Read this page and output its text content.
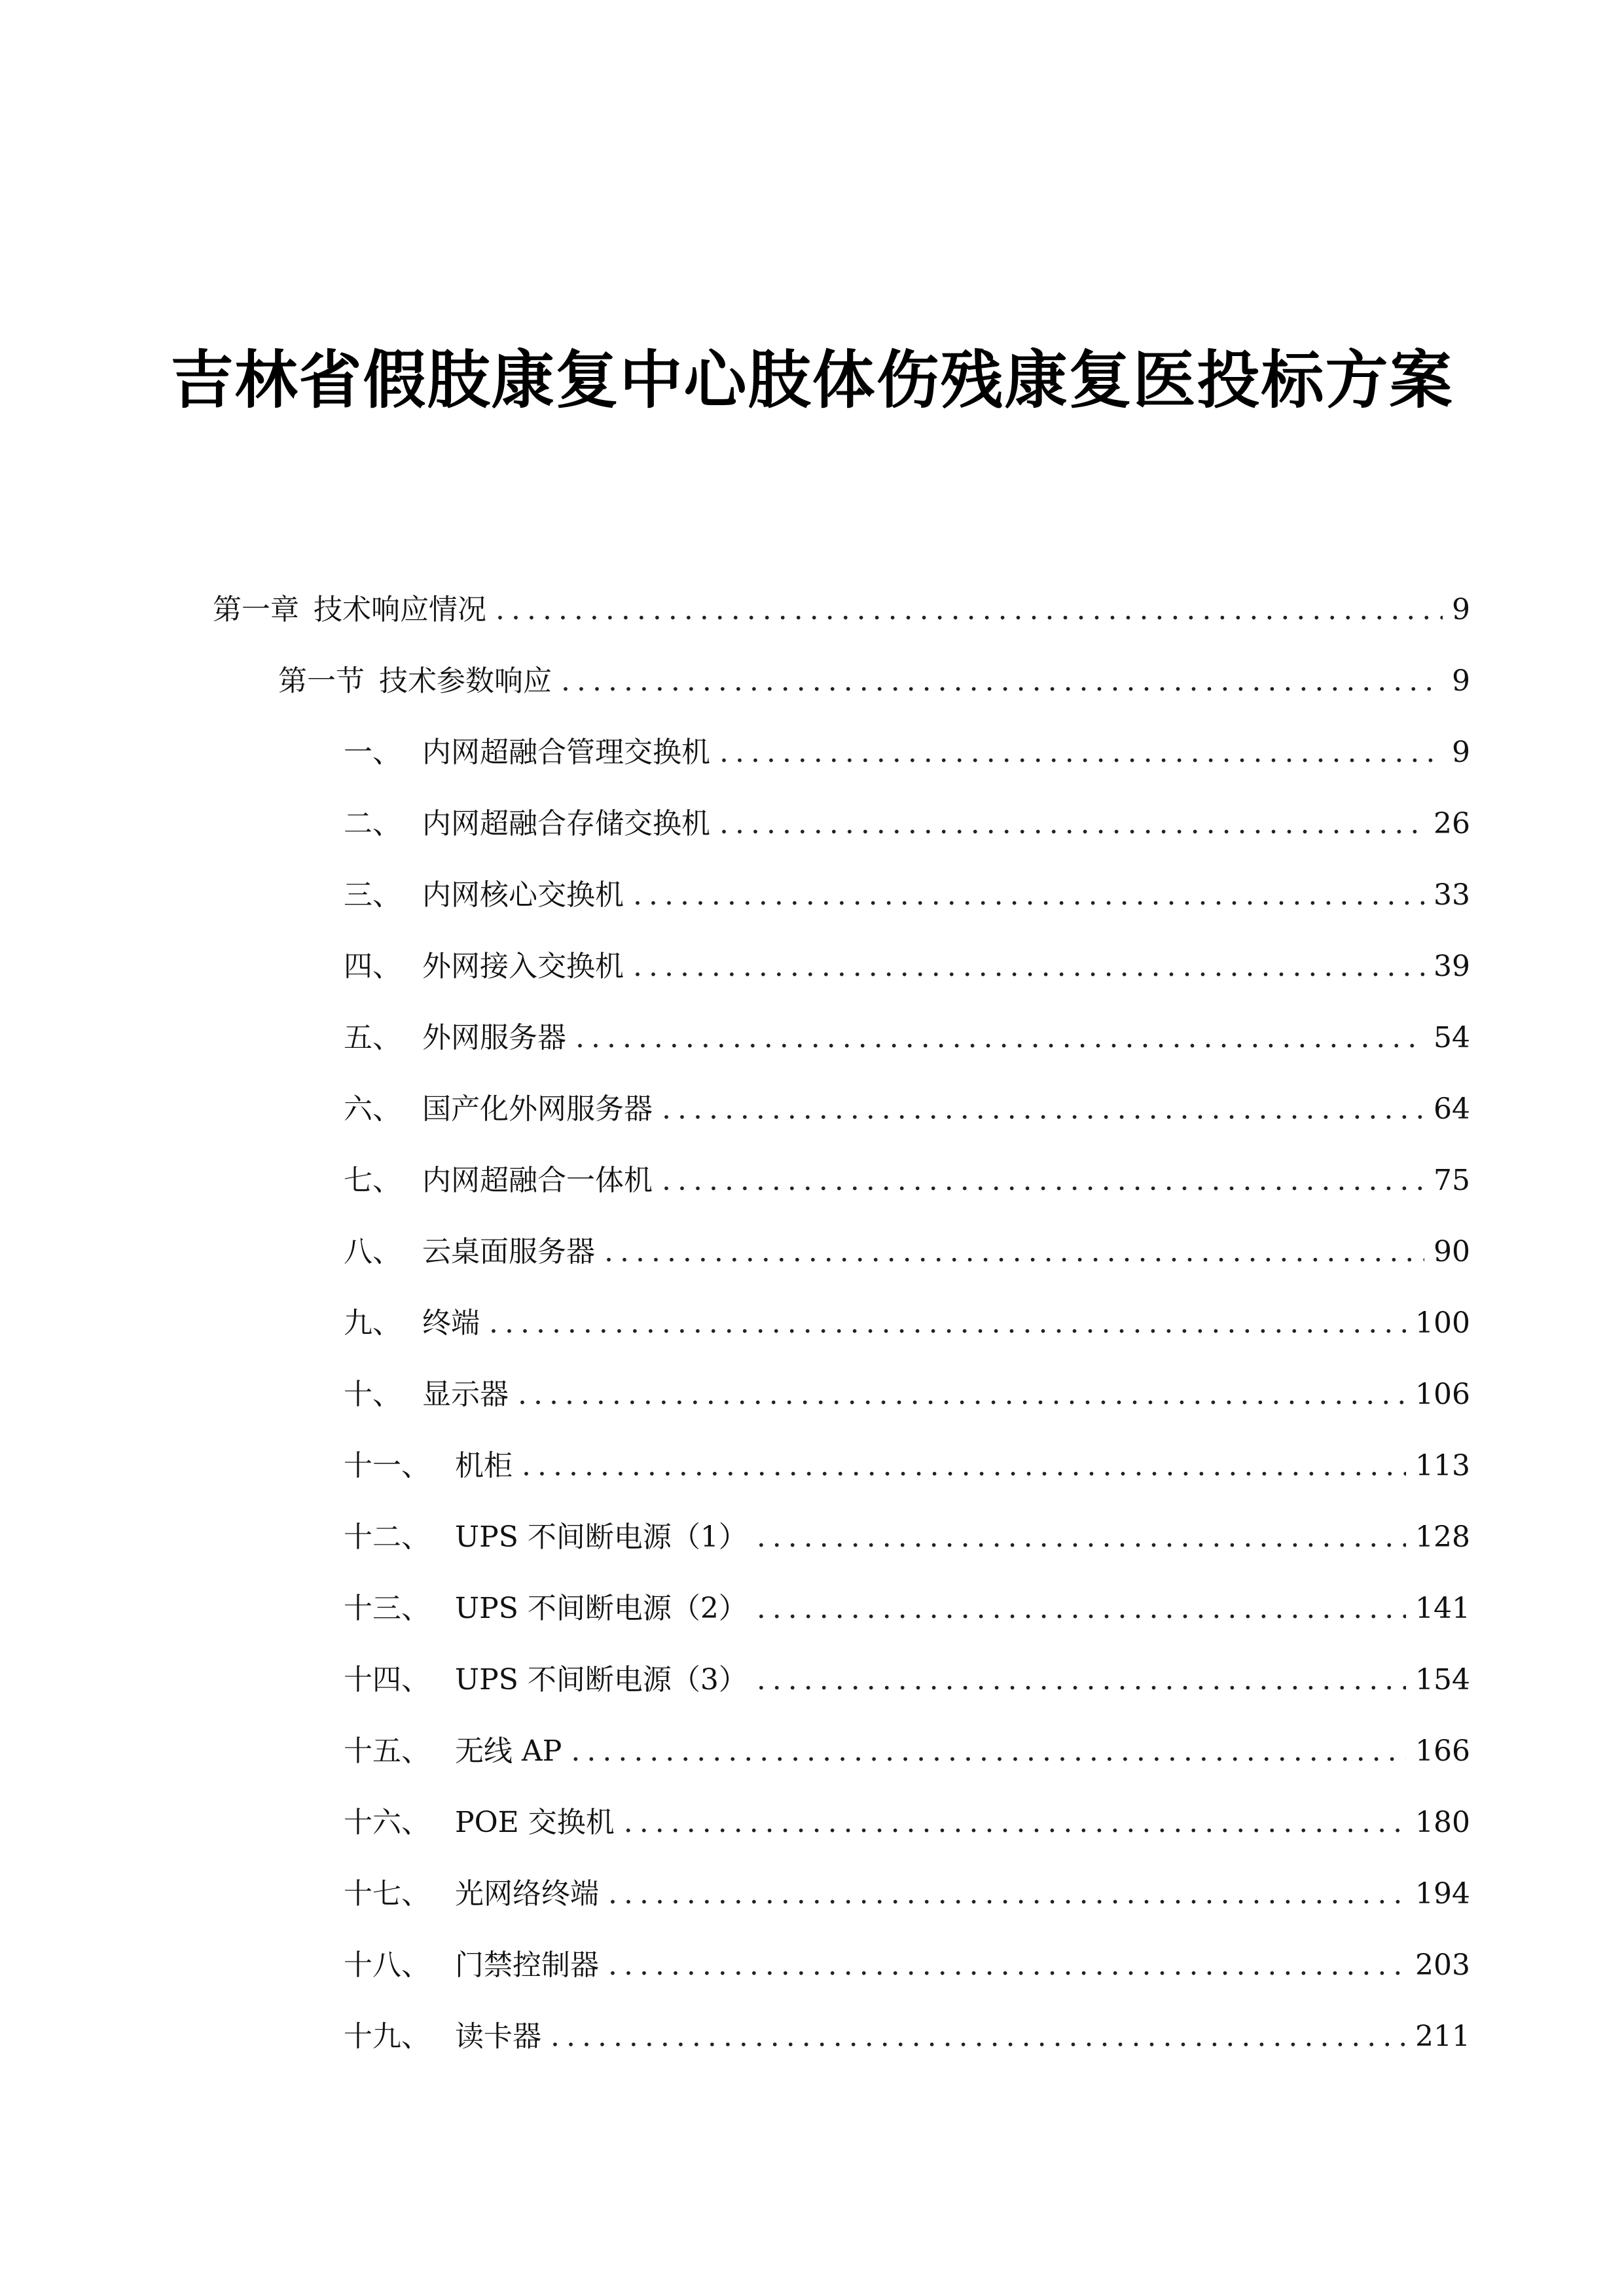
吉林省假肢康复中心肢体伤残康复医投标方案
第一章 技术响应情况 .....	9
第一节 技术参数响应 .....	9
一、 内网超融合管理交换机 .....	9
二、 内网超融合存储交换机 .....	26
三、 内网核心交换机 .....	33
四、 外网接入交换机 .....	39
五、 外网服务器 .....	54
六、 国产化外网服务器 .....	64
七、 内网超融合一体机 .....	75
八、 云桌面服务器 .....	90
九、 终端 .....	100
十、 显示器 .....	106
十一、 机柜 .....	113
十二、 UPS 不间断电源（1） .....	128
十三、 UPS 不间断电源（2） .....	141
十四、 UPS 不间断电源（3） .....	154
十五、 无线 AP .....	166
十六、 POE 交换机 .....	180
十七、 光网络终端 .....	194
十八、 门禁控制器 .....	203
十九、 读卡器 .....	211
